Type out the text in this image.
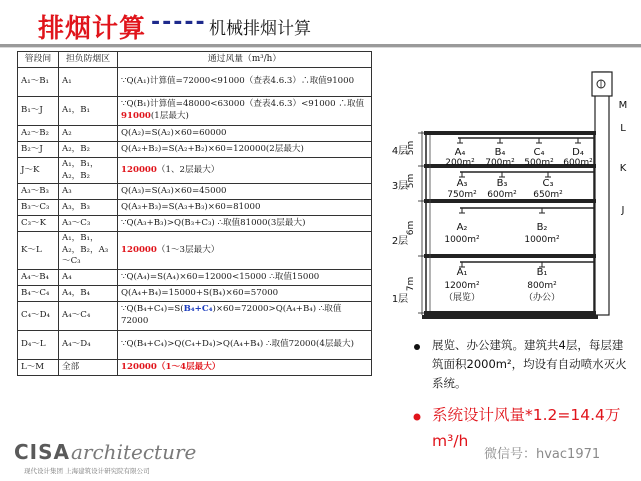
排烟计算 ----- 机械排烟计算
管段间	担负防烟区	通过风量（m³/h）
A₁～B₁	A₁	∵Q(A₁)计算值=72000<91000（查表4.6.3）∴取值91000
B₁～J	A₁，B₁	∵Q(B₁)计算值=48000<63000（查表4.6.3）<91000 ∴取值91000(1层最大)
A₂～B₂	A₂	Q(A₂)=S(A₂)×60=60000
B₂～J	A₂，B₂	Q(A₂+B₂)=S(A₂+B₂)×60=120000(2层最大)
J～K	A₁，B₁，A₂，B₂	120000（1、2层最大）
A₃～B₃	A₃	Q(A₃)=S(A₃)×60=45000
B₃～C₃	A₃，B₃	Q(A₃+B₃)=S(A₃+B₃)×60=81000
C₃～K	A₃～C₃	∵Q(A₃+B₃)>Q(B₃+C₃) ∴取值81000(3层最大)
K～L	A₁，B₁，A₂，B₂，A₃～C₃	120000（1～3层最大）
A₄～B₄	A₄	∵Q(A₄)=S(A₄)×60=12000<15000 ∴取值15000
B₄～C₄	A₄，B₄	Q(A₄+B₄)=15000+S(B₄)×60=57000
C₄～D₄	A₄～C₄	∵Q(B₄+C₄)=S(B₄+C₄)×60=72000>Q(A₄+B₄) ∴取值72000
D₄～L	A₄～D₄	∵Q(B₄+C₄)>Q(C₄+D₄)>Q(A₄+B₄) ∴取值72000(4层最大)
L～M	全部	120000（1～4层最大）
4层
5m	A₄
200m²
B₄
700m²
C₄
500m²
D₄
600m²
3层
5m	A₃
750m²
B₃
600m²
C₃
650m²
2层
6m	A₂
1000m²
B₂
1000m²
1层
7m
A₁
1200m²
（展览）
B₁
800m²
（办公）
M
L
K
J
展览、办公建筑。建筑共4层，每层建筑面积2000m²，均设有自动喷水灭火系统。
系统设计风量*1.2=14.4万m³/h
CISA architecture
现代设计集团 上海建筑设计研究院有限公司
微信号：hvac1971
